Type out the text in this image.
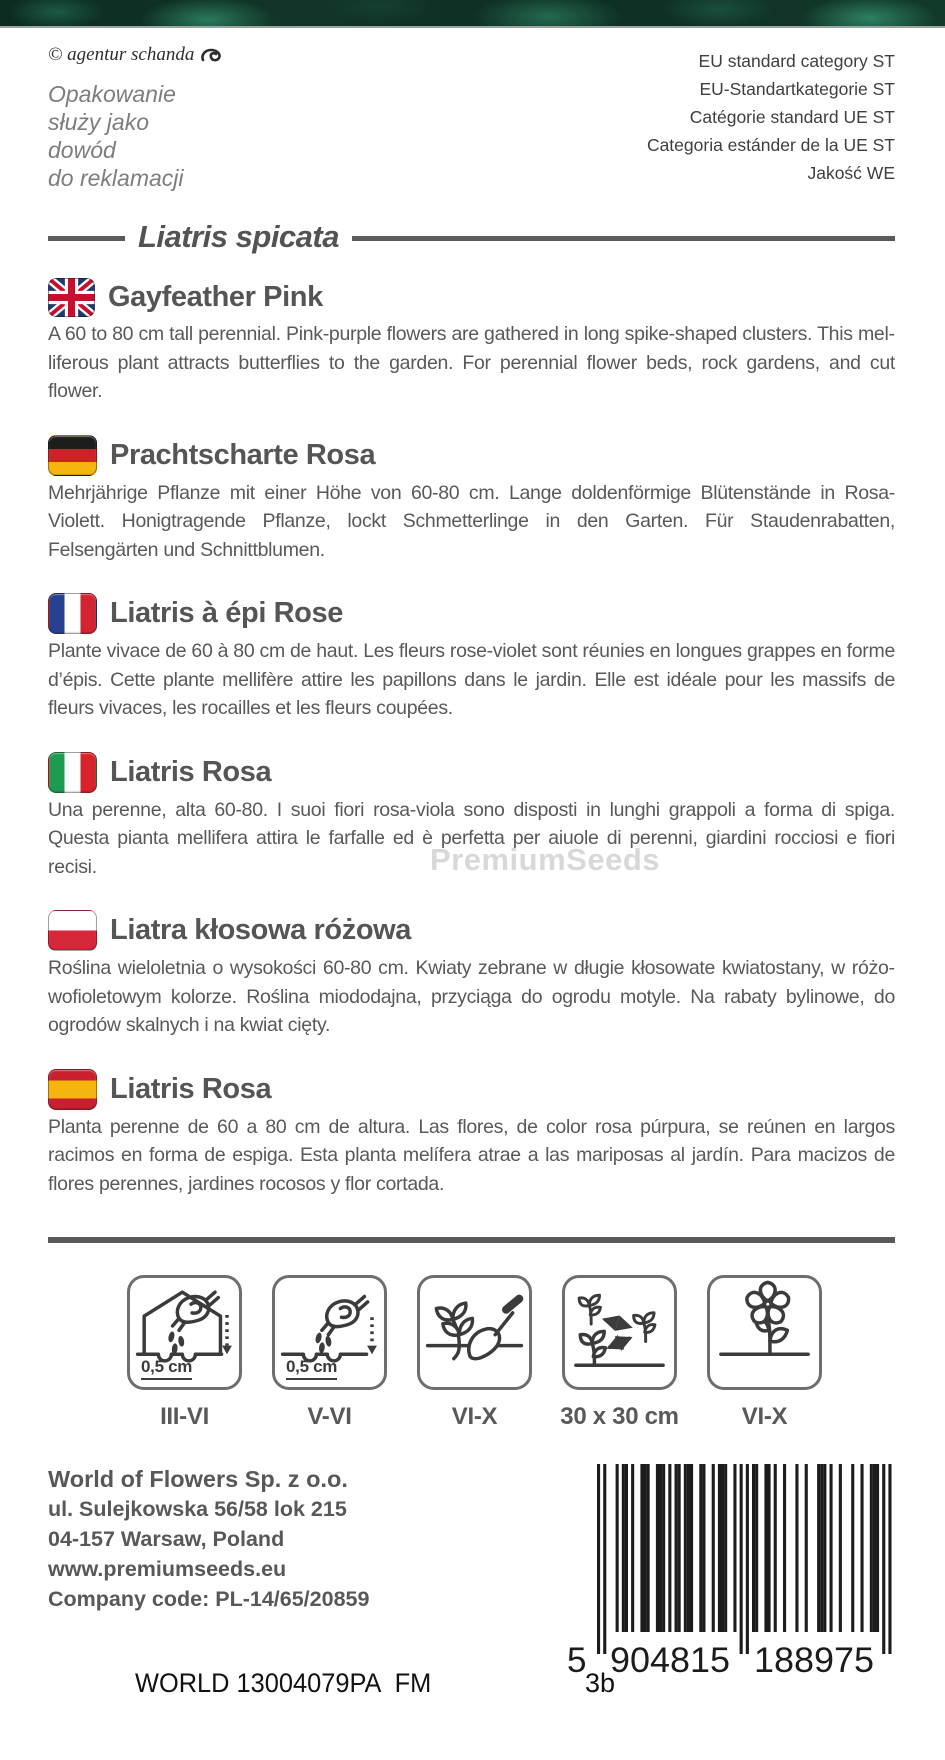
© agentur schanda
Opakowanie
służy jako
dowód
do reklamacji
EU standard category ST
EU-Standartkategorie ST
Catégorie standard UE ST
Categoria estánder de la UE ST
Jakość WE
Liatris spicata
PremiumSeeds
Gayfeather Pink
A 60 to 80 cm tall perennial. Pink-purple flowers are gathered in long spike-shaped clusters. This melliferous plant attracts butterflies to the garden. For perennial flower beds, rock gardens, and cut flower.
Prachtscharte Rosa
Mehrjährige Pflanze mit einer Höhe von 60-80 cm. Lange doldenförmige Blütenstände in Rosa-Violett. Honigtragende Pflanze, lockt Schmetterlinge in den Garten. Für Staudenrabatten, Felsengärten und Schnittblumen.
Liatris à épi Rose
Plante vivace de 60 à 80 cm de haut. Les fleurs rose-violet sont réunies en longues grappes en forme d’épis. Cette plante mellifère attire les papillons dans le jardin. Elle est idéale pour les massifs de fleurs vivaces, les rocailles et les fleurs coupées.
Liatris Rosa
Una perenne, alta 60-80. I suoi fiori rosa-viola sono disposti in lunghi grappoli a forma di spiga. Questa pianta mellifera attira le farfalle ed è perfetta per aiuole di perenni, giardini rocciosi e fiori recisi.
Liatra kłosowa różowa
Roślina wieloletnia o wysokości 60-80 cm. Kwiaty zebrane w długie kłosowate kwiatostany, w różowofioletowym kolorze. Roślina miododajna, przyciąga do ogrodu motyle. Na rabaty bylinowe, do ogrodów skalnych i na kwiat cięty.
Liatris Rosa
Planta perenne de 60 a 80 cm de altura. Las flores, de color rosa púrpura, se reúnen en largos racimos en forma de espiga. Esta planta melífera atrae a las mariposas al jardín. Para macizos de flores perennes, jardines rocosos y flor cortada.
0,5 cm
III-VI
0,5 cm
V-VI	VI-X	30 x 30 cm	VI-X
World of Flowers Sp. z o.o.
ul. Sulejkowska 56/58 lok 215
04-157 Warsaw, Poland
www.premiumseeds.eu
Company code: PL-14/65/20859
5 904815 188975
WORLD 13004079PA FM	3b
